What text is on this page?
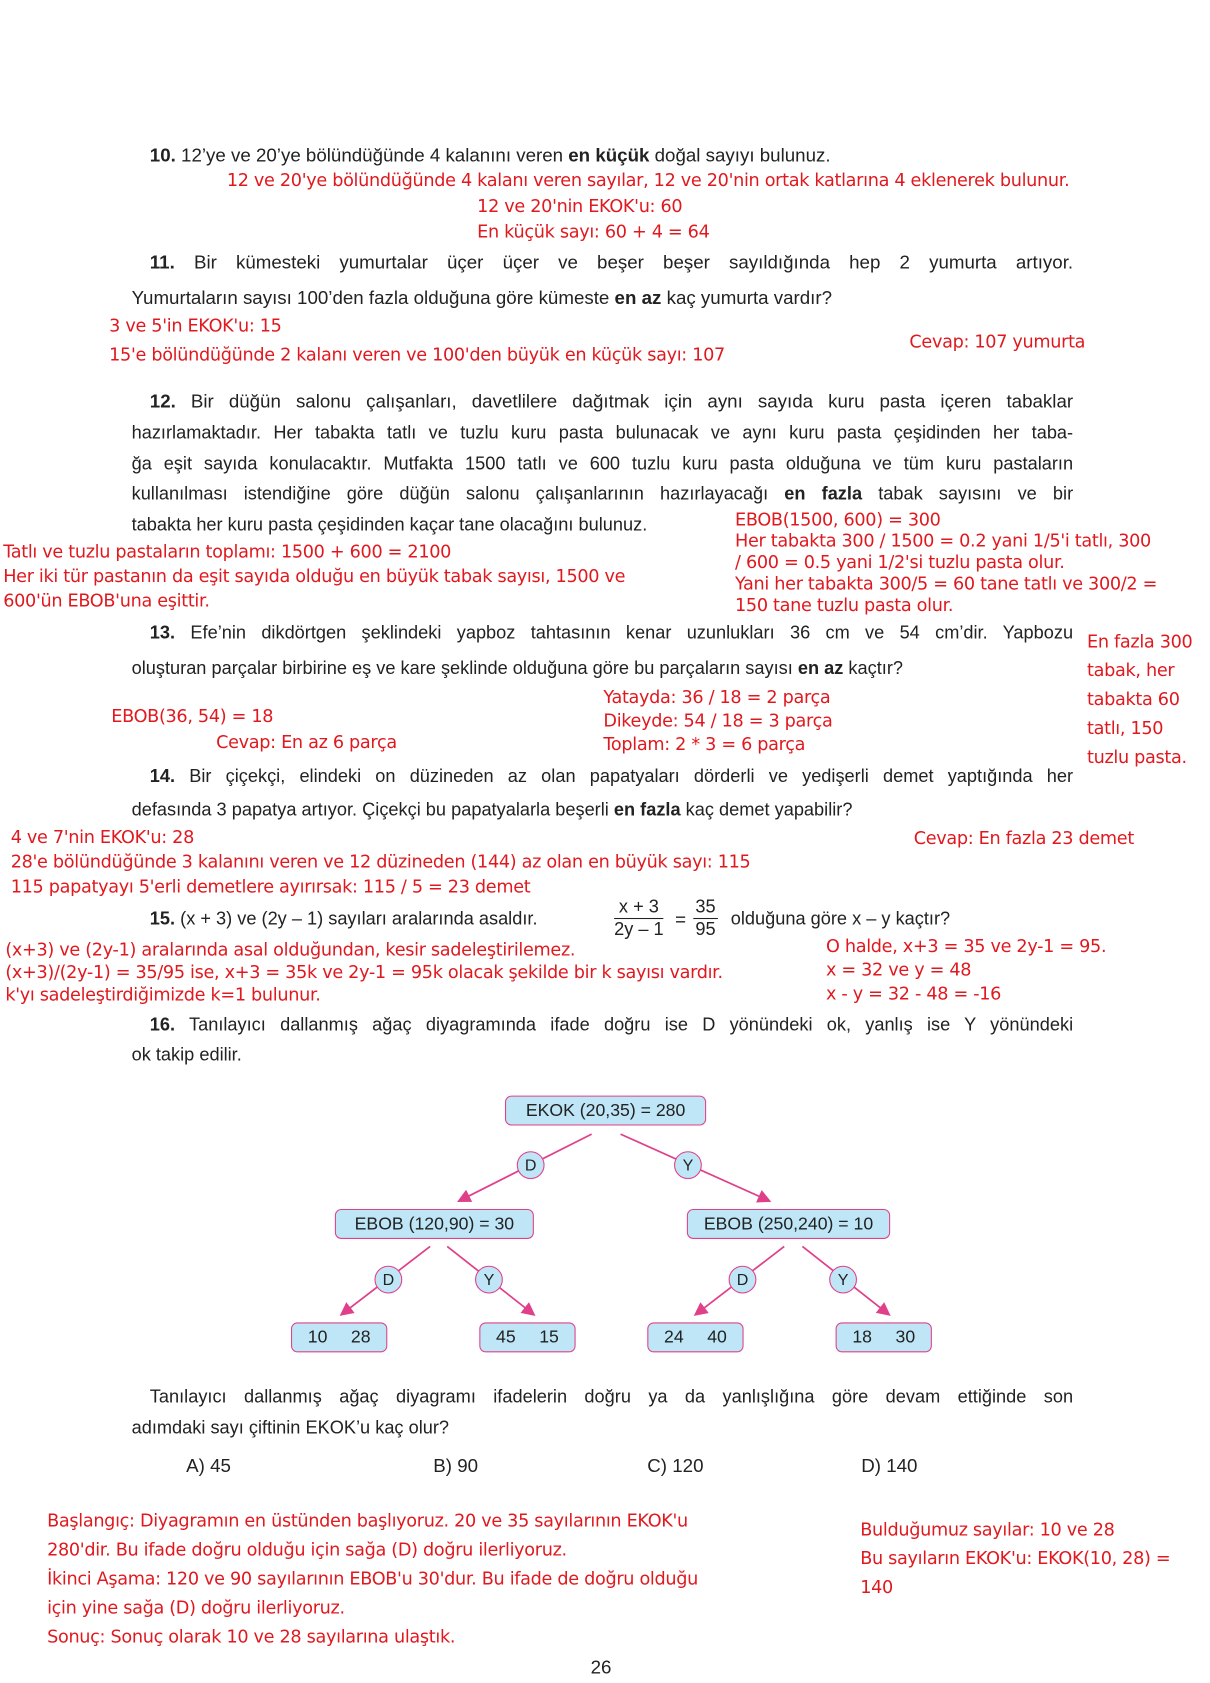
10. 12’ye ve 20’ye bölündüğünde 4 kalanını veren en küçük doğal sayıyı bulunuz.
12 ve 20'ye bölündüğünde 4 kalanı veren sayılar, 12 ve 20'nin ortak katlarına 4 eklenerek bulunur.
12 ve 20'nin EKOK'u: 60
En küçük sayı: 60 + 4 = 64
11. Bir kümesteki yumurtalar üçer üçer ve beşer beşer sayıldığında hep 2 yumurta artıyor.
Yumurtaların sayısı 100’den fazla olduğuna göre kümeste en az kaç yumurta vardır?
3 ve 5'in EKOK'u: 15
15'e bölündüğünde 2 kalanı veren ve 100'den büyük en küçük sayı: 107
Cevap: 107 yumurta
12. Bir düğün salonu çalışanları, davetlilere dağıtmak için aynı sayıda kuru pasta içeren tabaklar
hazırlamaktadır. Her tabakta tatlı ve tuzlu kuru pasta bulunacak ve aynı kuru pasta çeşidinden her taba-
ğa eşit sayıda konulacaktır. Mutfakta 1500 tatlı ve 600 tuzlu kuru pasta olduğuna ve tüm kuru pastaların
kullanılması istendiğine göre düğün salonu çalışanlarının hazırlayacağı en fazla tabak sayısını ve bir
tabakta her kuru pasta çeşidinden kaçar tane olacağını bulunuz.
Tatlı ve tuzlu pastaların toplamı: 1500 + 600 = 2100
Her iki tür pastanın da eşit sayıda olduğu en büyük tabak sayısı, 1500 ve
600'ün EBOB'una eşittir.
EBOB(1500, 600) = 300
Her tabakta 300 / 1500 = 0.2 yani 1/5'i tatlı, 300
/ 600 = 0.5 yani 1/2'si tuzlu pasta olur.
Yani her tabakta 300/5 = 60 tane tatlı ve 300/2 =
150 tane tuzlu pasta olur.
En fazla 300
tabak, her
tabakta 60
tatlı, 150
tuzlu pasta.
13. Efe’nin dikdörtgen şeklindeki yapboz tahtasının kenar uzunlukları 36 cm ve 54 cm’dir. Yapbozu
oluşturan parçalar birbirine eş ve kare şeklinde olduğuna göre bu parçaların sayısı en az kaçtır?
EBOB(36, 54) = 18
Cevap: En az 6 parça
Yatayda: 36 / 18 = 2 parça
Dikeyde: 54 / 18 = 3 parça
Toplam: 2 * 3 = 6 parça
14. Bir çiçekçi, elindeki on düzineden az olan papatyaları dörderli ve yedişerli demet yaptığında her
defasında 3 papatya artıyor. Çiçekçi bu papatyalarla beşerli en fazla kaç demet yapabilir?
4 ve 7'nin EKOK'u: 28
28'e bölündüğünde 3 kalanını veren ve 12 düzineden (144) az olan en büyük sayı: 115
115 papatyayı 5'erli demetlere ayırırsak: 115 / 5 = 23 demet
Cevap: En fazla 23 demet
15. (x + 3) ve (2y – 1) sayıları aralarında asaldır.	$\frac{x + 3}{2y - 1} = \frac{35}{95}$ olduğuna göre x – y kaçtır?
(x+3) ve (2y-1) aralarında asal olduğundan, kesir sadeleştirilemez.
(x+3)/(2y-1) = 35/95 ise, x+3 = 35k ve 2y-1 = 95k olacak şekilde bir k sayısı vardır.
k'yı sadeleştirdiğimizde k=1 bulunur.
O halde, x+3 = 35 ve 2y-1 = 95.
x = 32 ve y = 48
x - y = 32 - 48 = -16
16. Tanılayıcı dallanmış ağaç diyagramında ifade doğru ise D yönündeki ok, yanlış ise Y yönündeki
ok takip edilir.
EKOK (20,35) = 280
D	Y
EBOB (120,90) = 30	EBOB (250,240) = 10
D	Y	D	Y
10 28	45 15	24 40	18 30
Tanılayıcı dallanmış ağaç diyagramı ifadelerin doğru ya da yanlışlığına göre devam ettiğinde son
adımdaki sayı çiftinin EKOK’u kaç olur?
A) 45	B) 90	C) 120	D) 140
Başlangıç: Diyagramın en üstünden başlıyoruz. 20 ve 35 sayılarının EKOK'u
280'dir. Bu ifade doğru olduğu için sağa (D) doğru ilerliyoruz.
İkinci Aşama: 120 ve 90 sayılarının EBOB'u 30'dur. Bu ifade de doğru olduğu
için yine sağa (D) doğru ilerliyoruz.
Sonuç: Sonuç olarak 10 ve 28 sayılarına ulaştık.
Bulduğumuz sayılar: 10 ve 28
Bu sayıların EKOK'u: EKOK(10, 28) =
140
26
